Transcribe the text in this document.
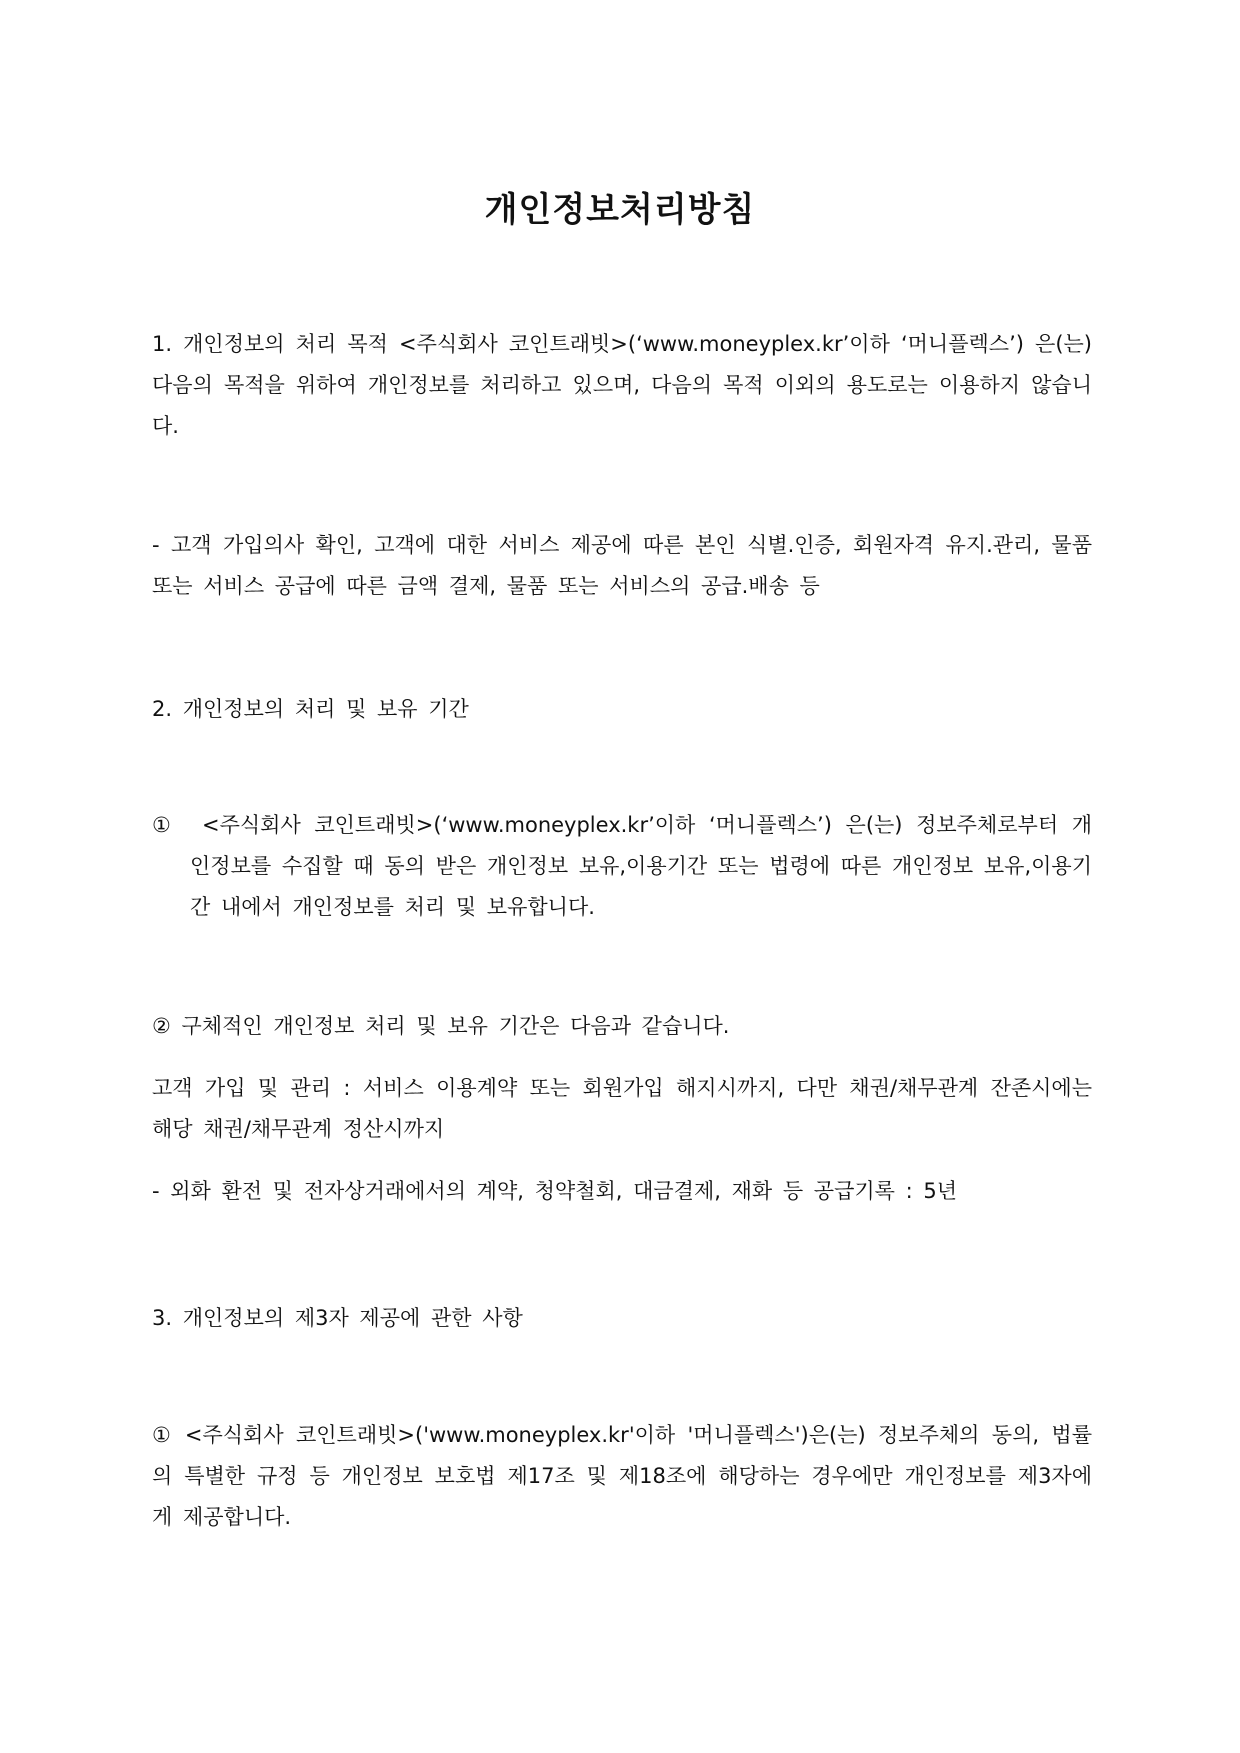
개인정보처리방침
1. 개인정보의 처리 목적 <주식회사 코인트래빗>(‘www.moneyplex.kr’이하 ‘머니플렉스’) 은(는) 다음의 목적을 위하여 개인정보를 처리하고 있으며, 다음의 목적 이외의 용도로는 이용하지 않습니다.
- 고객 가입의사 확인, 고객에 대한 서비스 제공에 따른 본인 식별.인증, 회원자격 유지.관리, 물품 또는 서비스 공급에 따른 금액 결제, 물품 또는 서비스의 공급.배송 등
2. 개인정보의 처리 및 보유 기간
① <주식회사 코인트래빗>(‘www.moneyplex.kr’이하 ‘머니플렉스’) 은(는) 정보주체로부터 개인정보를 수집할 때 동의 받은 개인정보 보유,이용기간 또는 법령에 따른 개인정보 보유,이용기간 내에서 개인정보를 처리 및 보유합니다.
② 구체적인 개인정보 처리 및 보유 기간은 다음과 같습니다.
고객 가입 및 관리 : 서비스 이용계약 또는 회원가입 해지시까지, 다만 채권/채무관계 잔존시에는 해당 채권/채무관계 정산시까지
- 외화 환전 및 전자상거래에서의 계약, 청약철회, 대금결제, 재화 등 공급기록 : 5년
3. 개인정보의 제3자 제공에 관한 사항
① <주식회사 코인트래빗>('www.moneyplex.kr'이하 '머니플렉스')은(는) 정보주체의 동의, 법률의 특별한 규정 등 개인정보 보호법 제17조 및 제18조에 해당하는 경우에만 개인정보를 제3자에게 제공합니다.
